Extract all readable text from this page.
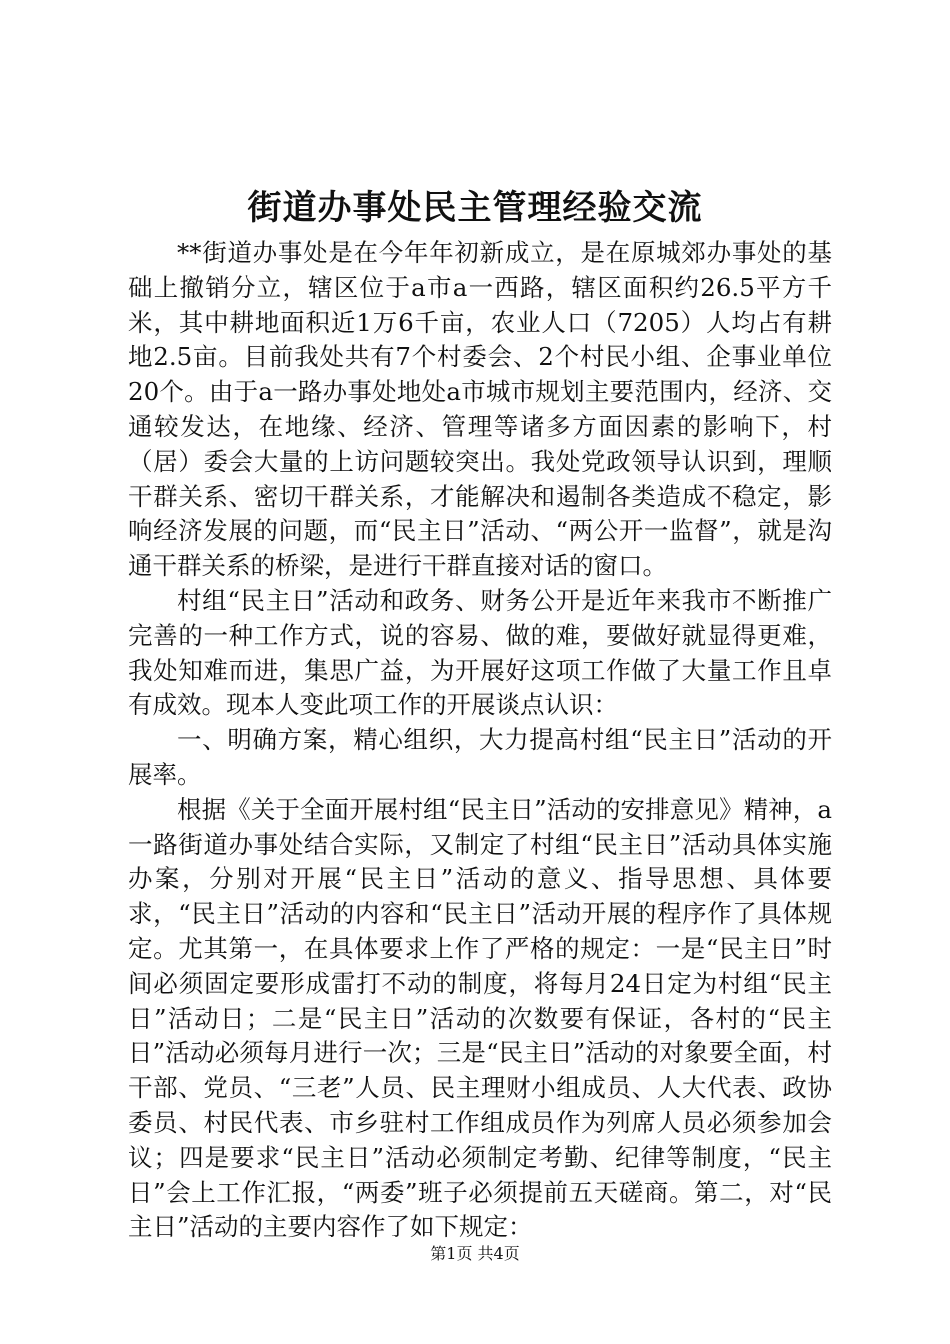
街道办事处民主管理经验交流

**街道办事处是在今年年初新成立，是在原城郊办事处的基础上撤销分立，辖区位于a市a一西路，辖区面积约26.5平方千米，其中耕地面积近1万6千亩，农业人口（7205）人均占有耕地2.5亩。目前我处共有7个村委会、2个村民小组、企事业单位20个。由于a一路办事处地处a市城市规划主要范围内，经济、交通较发达，在地缘、经济、管理等诸多方面因素的影响下，村（居）委会大量的上访问题较突出。我处党政领导认识到，理顺干群关系、密切干群关系，才能解决和遏制各类造成不稳定，影响经济发展的问题，而“民主日”活动、“两公开一监督”，就是沟通干群关系的桥梁，是进行干群直接对话的窗口。

村组“民主日”活动和政务、财务公开是近年来我市不断推广完善的一种工作方式，说的容易、做的难，要做好就显得更难，我处知难而进，集思广益，为开展好这项工作做了大量工作且卓有成效。现本人变此项工作的开展谈点认识：

一、明确方案，精心组织，大力提高村组“民主日”活动的开展率。

根据《关于全面开展村组“民主日”活动的安排意见》精神，a一路街道办事处结合实际，又制定了村组“民主日”活动具体实施办案，分别对开展“民主日”活动的意义、指导思想、具体要求，“民主日”活动的内容和“民主日”活动开展的程序作了具体规定。尤其第一，在具体要求上作了严格的规定：一是“民主日”时间必须固定要形成雷打不动的制度，将每月24日定为村组“民主日”活动日；二是“民主日”活动的次数要有保证，各村的“民主日”活动必须每月进行一次；三是“民主日”活动的对象要全面，村干部、党员、“三老”人员、民主理财小组成员、人大代表、政协委员、村民代表、市乡驻村工作组成员作为列席人员必须参加会议；四是要求“民主日”活动必须制定考勤、纪律等制度，“民主日”会上工作汇报，“两委”班子必须提前五天磋商。第二，对“民主日”活动的主要内容作了如下规定：

第1页 共4页
